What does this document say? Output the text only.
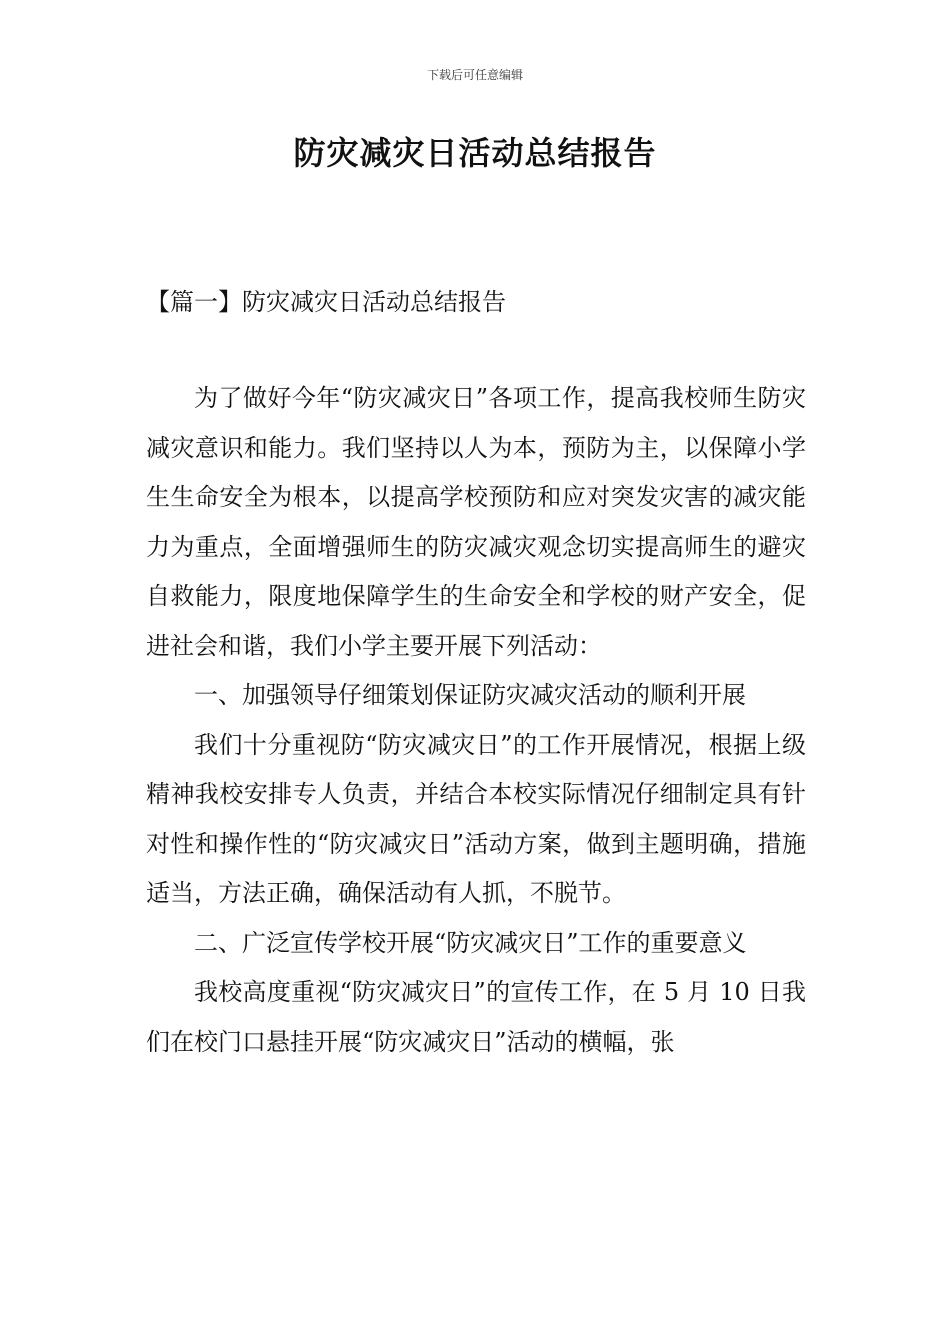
下载后可任意编辑
防灾减灾日活动总结报告
【篇一】防灾减灾日活动总结报告

为了做好今年“防灾减灾日”各项工作，提高我校师生防灾减灾意识和能力。我们坚持以人为本，预防为主，以保障小学生生命安全为根本，以提高学校预防和应对突发灾害的减灾能力为重点，全面增强师生的防灾减灾观念切实提高师生的避灾自救能力，限度地保障学生的生命安全和学校的财产安全，促进社会和谐，我们小学主要开展下列活动：

一、加强领导仔细策划保证防灾减灾活动的顺利开展

我们十分重视防“防灾减灾日”的工作开展情况，根据上级精神我校安排专人负责，并结合本校实际情况仔细制定具有针对性和操作性的“防灾减灾日”活动方案，做到主题明确，措施适当，方法正确，确保活动有人抓，不脱节。

二、广泛宣传学校开展“防灾减灾日”工作的重要意义

我校高度重视“防灾减灾日”的宣传工作，在 5 月 10 日我们在校门口悬挂开展“防灾减灾日”活动的横幅，张
